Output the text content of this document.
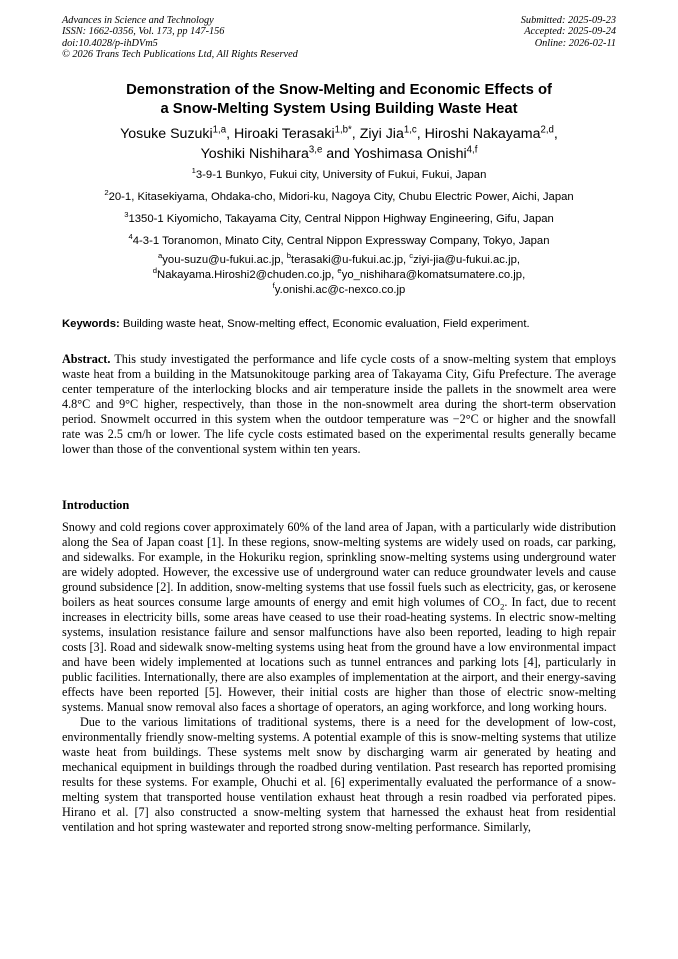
Advances in Science and Technology
ISSN: 1662-0356, Vol. 173, pp 147-156
doi:10.4028/p-ihDVm5
© 2026 Trans Tech Publications Ltd, All Rights Reserved
Submitted: 2025-09-23
Accepted: 2025-09-24
Online: 2026-02-11
Demonstration of the Snow-Melting and Economic Effects of
a Snow-Melting System Using Building Waste Heat
Yosuke Suzuki$^{1,a}$, Hiroaki Terasaki$^{1,b*}$, Ziyi Jia$^{1,c}$, Hiroshi Nakayama$^{2,d}$,
Yoshiki Nishihara$^{3,e}$ and Yoshimasa Onishi$^{4,f}$
$^1$3-9-1 Bunkyo, Fukui city, University of Fukui, Fukui, Japan
$^2$20-1, Kitasekiyama, Ohdaka-cho, Midori-ku, Nagoya City, Chubu Electric Power, Aichi, Japan
$^3$1350-1 Kiyomicho, Takayama City, Central Nippon Highway Engineering, Gifu, Japan
$^4$4-3-1 Toranomon, Minato City, Central Nippon Expressway Company, Tokyo, Japan
$^a$you-suzu@u-fukui.ac.jp, $^b$terasaki@u-fukui.ac.jp, $^c$ziyi-jia@u-fukui.ac.jp,
$^d$Nakayama.Hiroshi2@chuden.co.jp, $^e$yo_nishihara@komatsumatere.co.jp,
$^f$y.onishi.ac@c-nexco.co.jp
Keywords: Building waste heat, Snow-melting effect, Economic evaluation, Field experiment.
Abstract. This study investigated the performance and life cycle costs of a snow-melting system that employs waste heat from a building in the Matsunokitouge parking area of Takayama City, Gifu Prefecture. The average center temperature of the interlocking blocks and air temperature inside the pallets in the snowmelt area were 4.8°C and 9°C higher, respectively, than those in the non-snowmelt area during the short-term observation period. Snowmelt occurred in this system when the outdoor temperature was −2°C or higher and the snowfall rate was 2.5 cm/h or lower. The life cycle costs estimated based on the experimental results generally became lower than those of the conventional system within ten years.
Introduction

Snowy and cold regions cover approximately 60% of the land area of Japan, with a particularly wide distribution along the Sea of Japan coast [1]. In these regions, snow-melting systems are widely used on roads, car parking, and sidewalks. For example, in the Hokuriku region, sprinkling snow-melting systems using underground water are widely adopted. However, the excessive use of underground water can reduce groundwater levels and cause ground subsidence [2]. In addition, snow-melting systems that use fossil fuels such as electricity, gas, or kerosene boilers as heat sources consume large amounts of energy and emit high volumes of $CO_2$. In fact, due to recent increases in electricity bills, some areas have ceased to use their road-heating systems. In electric snow-melting systems, insulation resistance failure and sensor malfunctions have also been reported, leading to high repair costs [3]. Road and sidewalk snow-melting systems using heat from the ground have a low environmental impact and have been widely implemented at locations such as tunnel entrances and parking lots [4], particularly in public facilities. Internationally, there are also examples of implementation at the airport, and their energy-saving effects have been reported [5]. However, their initial costs are higher than those of electric snow-melting systems. Manual snow removal also faces a shortage of operators, an aging workforce, and long working hours.

Due to the various limitations of traditional systems, there is a need for the development of low-cost, environmentally friendly snow-melting systems. A potential example of this is snow-melting systems that utilize waste heat from buildings. These systems melt snow by discharging warm air generated by heating and mechanical equipment in buildings through the roadbed during ventilation. Past research has reported promising results for these systems. For example, Ohuchi et al. [6] experimentally evaluated the performance of a snow-melting system that transported house ventilation exhaust heat through a resin roadbed via perforated pipes. Hirano et al. [7] also constructed a snow-melting system that harnessed the exhaust heat from residential ventilation and hot spring wastewater and reported strong snow-melting performance. Similarly,
